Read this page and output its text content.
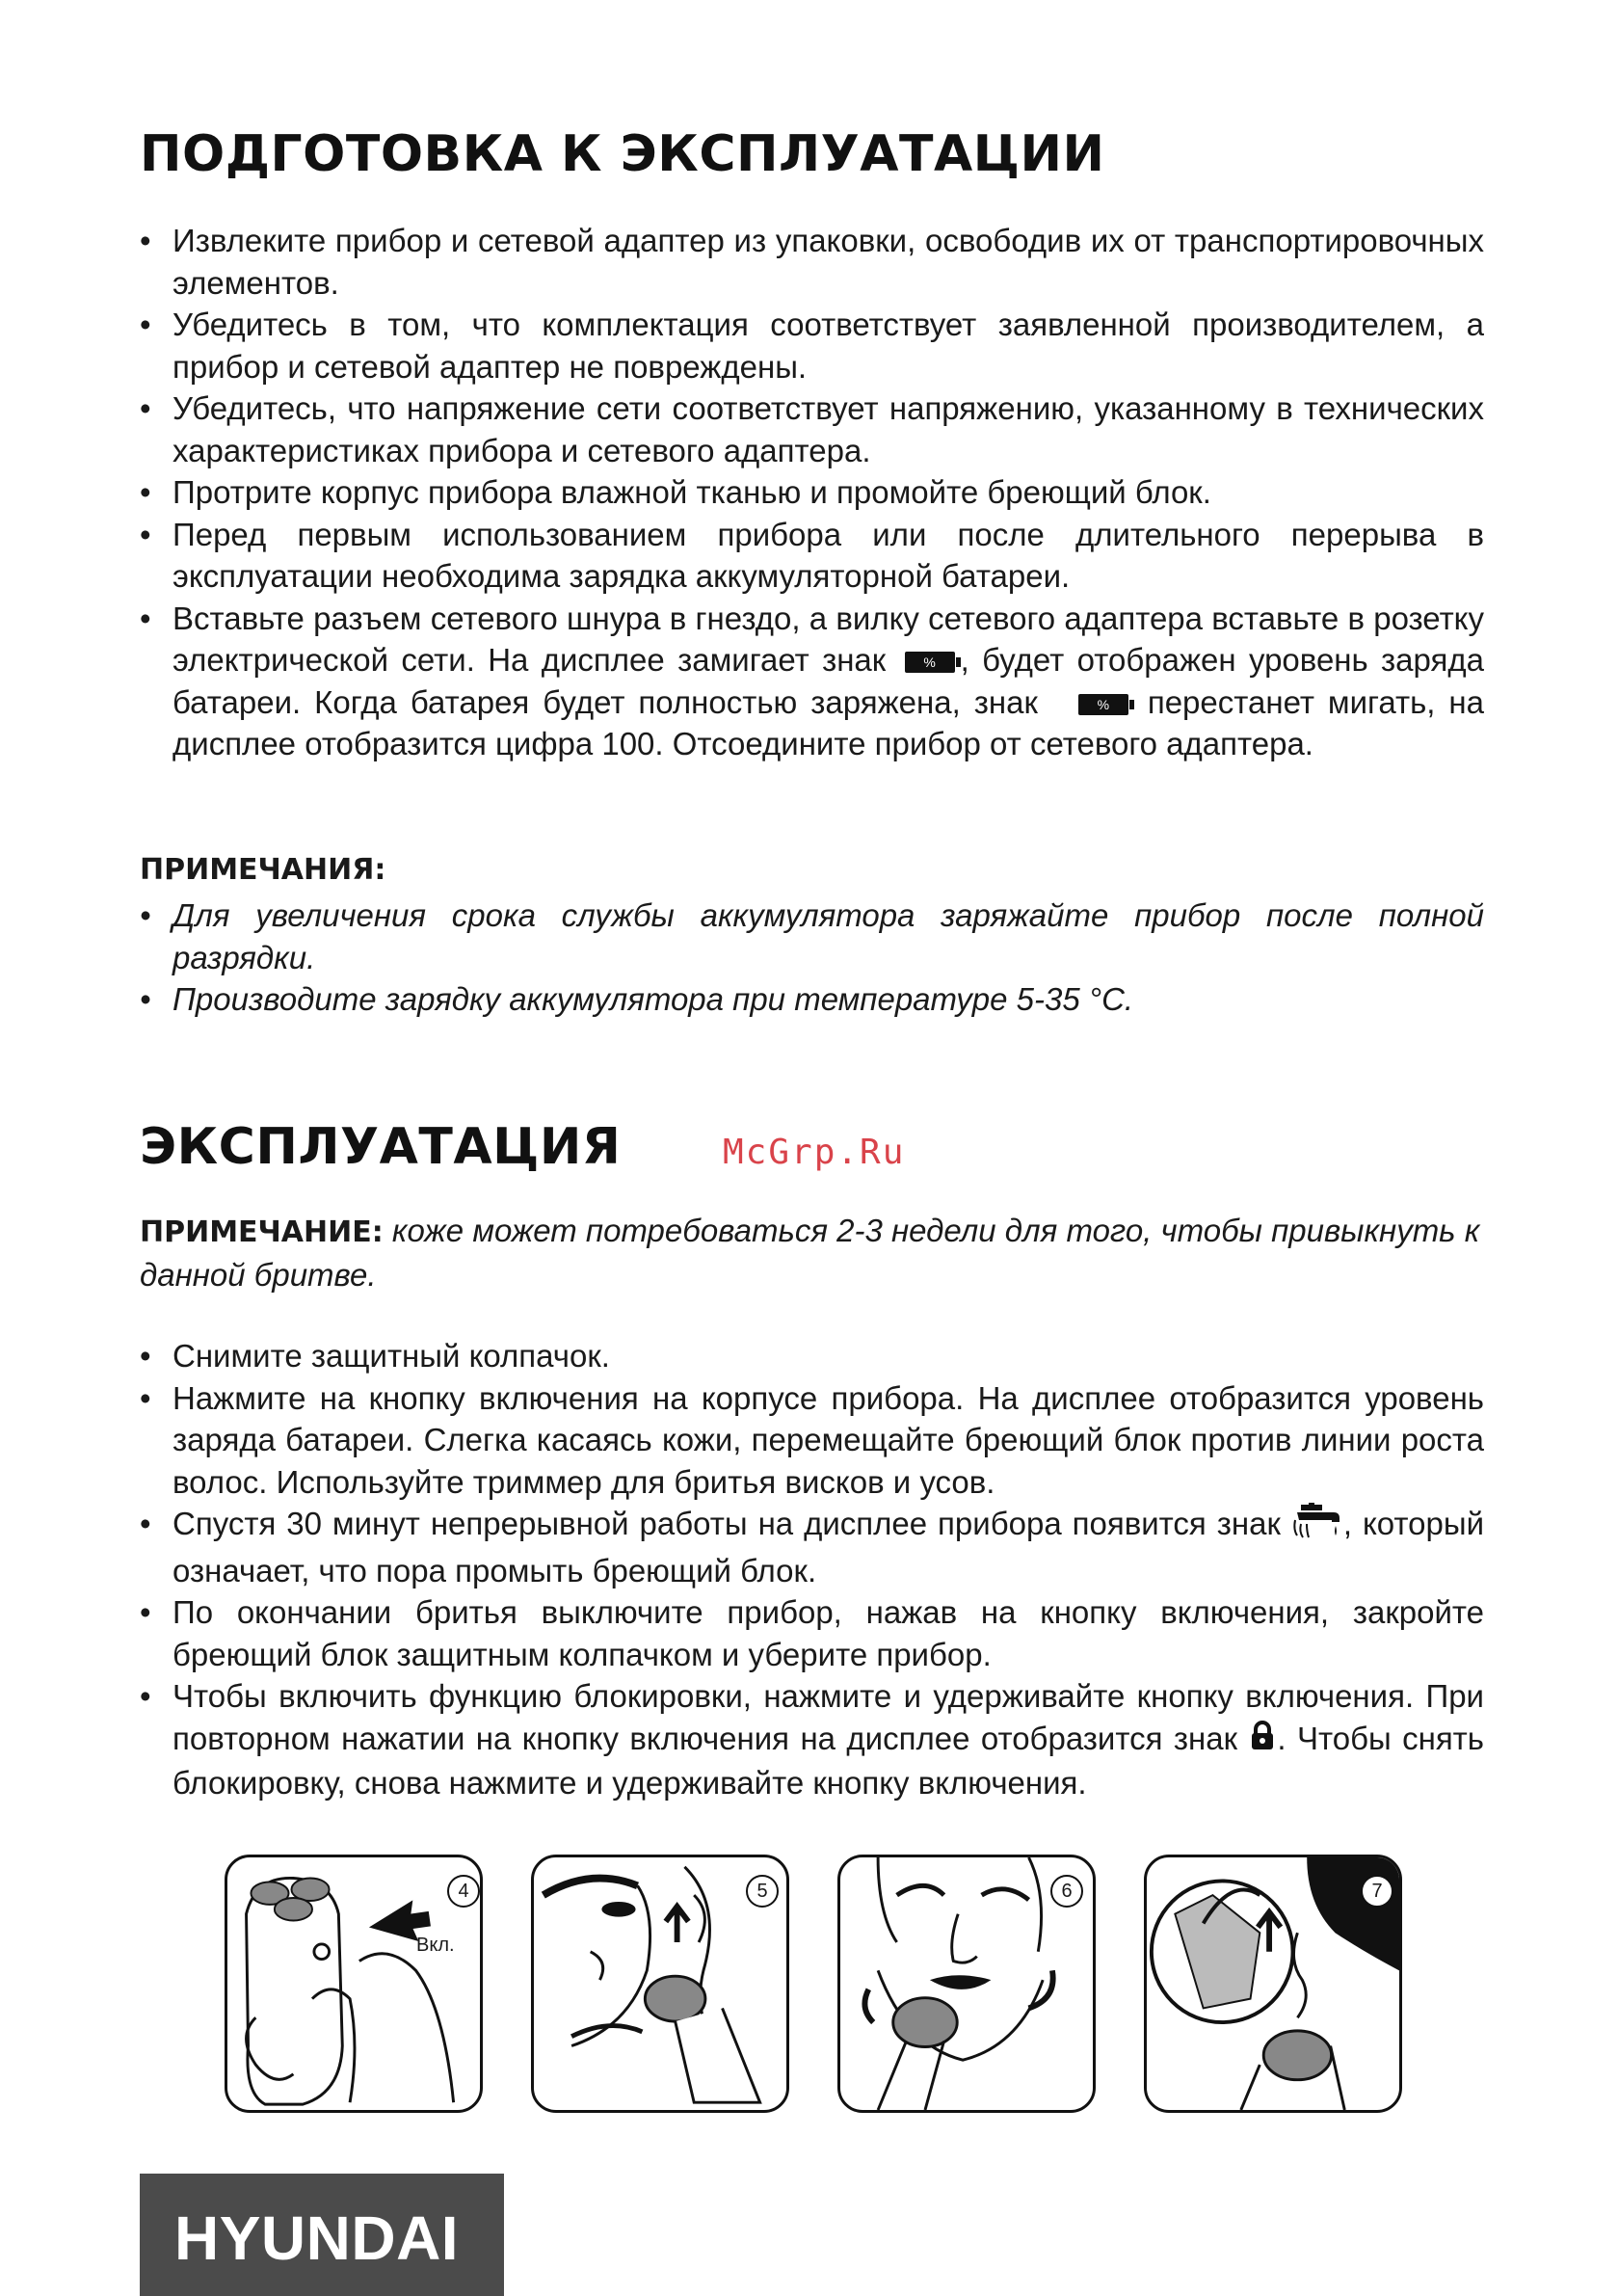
ПОДГОТОВКА К ЭКСПЛУАТАЦИИ
• Извлеките прибор и сетевой адаптер из упаковки, освободив их от транспортировочных элементов.
• Убедитесь в том, что комплектация соответствует заявленной производителем, а прибор и сетевой адаптер не повреждены.
• Убедитесь, что напряжение сети соответствует напряжению, указанному в технических характеристиках прибора и сетевого адаптера.
• Протрите корпус прибора влажной тканью и промойте бреющий блок.
• Перед первым использованием прибора или после длительного перерыва в эксплуатации необходима зарядка аккумуляторной батареи.
• Вставьте разъем сетевого шнура в гнездо, а вилку сетевого адаптера вставьте в розетку электрической сети. На дисплее замигает знак	% , будет отображен уровень заряда батареи. Когда батарея будет полностью заряжена, знак	% перестанет мигать, на дисплее отобразится цифра 100. Отсоедините прибор от сетевого адаптера.
ПРИМЕЧАНИЯ:
• Для увеличения срока службы аккумулятора заряжайте прибор после полной разрядки.
• Производите зарядку аккумулятора при температуре 5-35 °С.
ЭКСПЛУАТАЦИЯ	McGrp.Ru
ПРИМЕЧАНИЕ: коже может потребоваться 2-3 недели для того, чтобы привыкнуть к данной бритве.
• Снимите защитный колпачок.
• Нажмите на кнопку включения на корпусе прибора. На дисплее отобразится уровень заряда батареи. Слегка касаясь кожи, перемещайте бреющий блок против линии роста волос. Используйте триммер для бритья висков и усов.
• Спустя 30 минут непрерывной работы на дисплее прибора появится знак , который означает, что пора промыть бреющий блок.
• По окончании бритья выключите прибор, нажав на кнопку включения, закройте бреющий блок защитным колпачком и уберите прибор.
• Чтобы включить функцию блокировки, нажмите и удерживайте кнопку включения. При повторном нажатии на кнопку включения на дисплее отобразится знак . Чтобы снять блокировку, снова нажмите и удерживайте кнопку включения.
4
Вкл.
5	6	7
HYUNDAI
